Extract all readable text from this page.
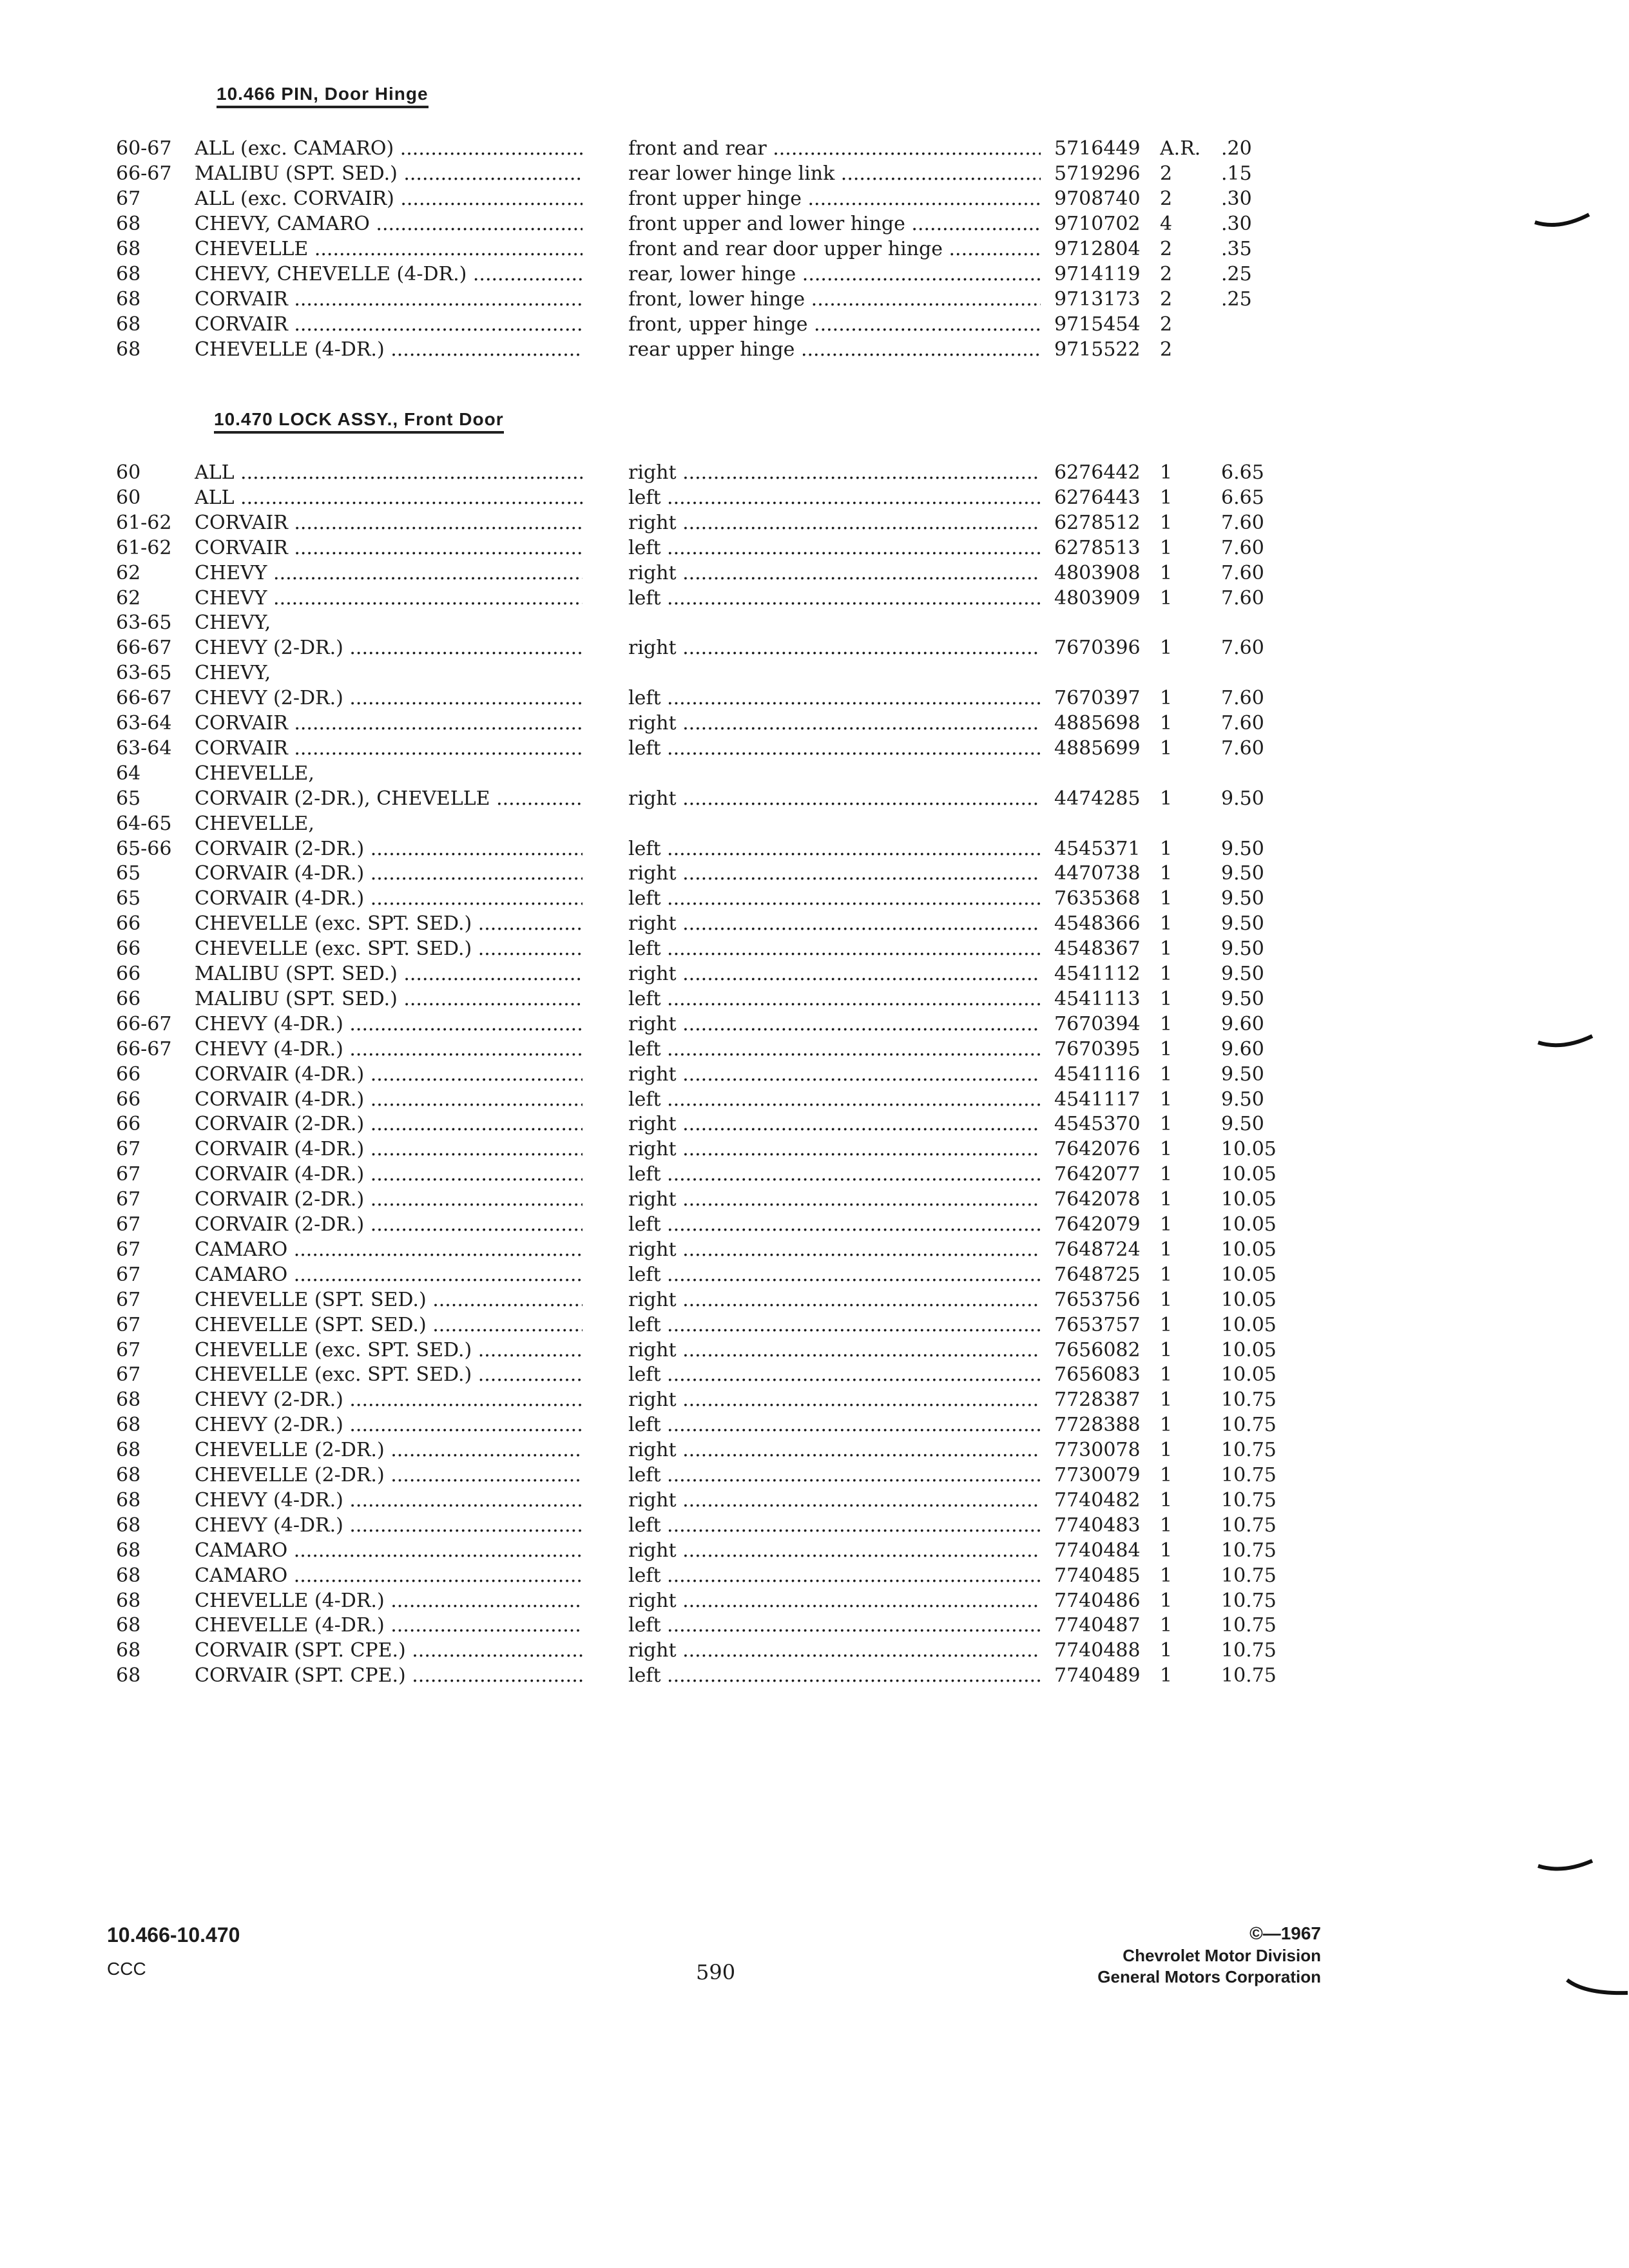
10.466 PIN, Door Hinge
60-67	ALL (exc. CAMARO) .....	front and rear .....	5716449	A.R. .20
66-67	MALIBU (SPT. SED.) .....	rear lower hinge link .....	5719296	2	.15
67	ALL (exc. CORVAIR) .....	front upper hinge .....	9708740	2	.30
68	CHEVY, CAMARO .....	front upper and lower hinge .....	9710702	4	.30
68	CHEVELLE .....	front and rear door upper hinge .....	9712804	2	.35
68	CHEVY, CHEVELLE (4-DR.) .....	rear, lower hinge .....	9714119	2	.25
68	CORVAIR .....	front, lower hinge .....	9713173	2	.25
68	CORVAIR .....	front, upper hinge .....	9715454	2
68	CHEVELLE (4-DR.) .....	rear upper hinge .....	9715522	2
10.470 LOCK ASSY., Front Door
60	ALL .....	right .....	6276442	1	6.65
60	ALL .....	left .....	6276443	1	6.65
61-62	CORVAIR .....	right .....	6278512	1	7.60
61-62	CORVAIR .....	left .....	6278513	1	7.60
62	CHEVY .....	right .....	4803908	1	7.60
62	CHEVY .....	left .....	4803909	1	7.60
63-65	CHEVY,
66-67	CHEVY (2-DR.) .....	right .....	7670396	1	7.60
63-65	CHEVY,
66-67	CHEVY (2-DR.) .....	left .....	7670397	1	7.60
63-64	CORVAIR .....	right .....	4885698	1	7.60
63-64	CORVAIR .....	left .....	4885699	1	7.60
64	CHEVELLE,
65	CORVAIR (2-DR.), CHEVELLE .....	right .....	4474285	1	9.50
64-65	CHEVELLE,
65-66	CORVAIR (2-DR.) .....	left .....	4545371	1	9.50
65	CORVAIR (4-DR.) .....	right .....	4470738	1	9.50
65	CORVAIR (4-DR.) .....	left .....	7635368	1	9.50
66	CHEVELLE (exc. SPT. SED.) .....	right .....	4548366	1	9.50
66	CHEVELLE (exc. SPT. SED.) .....	left .....	4548367	1	9.50
66	MALIBU (SPT. SED.) .....	right .....	4541112	1	9.50
66	MALIBU (SPT. SED.) .....	left .....	4541113	1	9.50
66-67	CHEVY (4-DR.) .....	right .....	7670394	1	9.60
66-67	CHEVY (4-DR.) .....	left .....	7670395	1	9.60
66	CORVAIR (4-DR.) .....	right .....	4541116	1	9.50
66	CORVAIR (4-DR.) .....	left .....	4541117	1	9.50
66	CORVAIR (2-DR.) .....	right .....	4545370	1	9.50
67	CORVAIR (4-DR.) .....	right .....	7642076	1	10.05
67	CORVAIR (4-DR.) .....	left .....	7642077	1	10.05
67	CORVAIR (2-DR.) .....	right .....	7642078	1	10.05
67	CORVAIR (2-DR.) .....	left .....	7642079	1	10.05
67	CAMARO .....	right .....	7648724	1	10.05
67	CAMARO .....	left .....	7648725	1	10.05
67	CHEVELLE (SPT. SED.) .....	right .....	7653756	1	10.05
67	CHEVELLE (SPT. SED.) .....	left .....	7653757	1	10.05
67	CHEVELLE (exc. SPT. SED.) .....	right .....	7656082	1	10.05
67	CHEVELLE (exc. SPT. SED.) .....	left .....	7656083	1	10.05
68	CHEVY (2-DR.) .....	right .....	7728387	1	10.75
68	CHEVY (2-DR.) .....	left .....	7728388	1	10.75
68	CHEVELLE (2-DR.) .....	right .....	7730078	1	10.75
68	CHEVELLE (2-DR.) .....	left .....	7730079	1	10.75
68	CHEVY (4-DR.) .....	right .....	7740482	1	10.75
68	CHEVY (4-DR.) .....	left .....	7740483	1	10.75
68	CAMARO .....	right .....	7740484	1	10.75
68	CAMARO .....	left .....	7740485	1	10.75
68	CHEVELLE (4-DR.) .....	right .....	7740486	1	10.75
68	CHEVELLE (4-DR.) .....	left .....	7740487	1	10.75
68	CORVAIR (SPT. CPE.) .....	right .....	7740488	1	10.75
68	CORVAIR (SPT. CPE.) .....	left .....	7740489	1	10.75
10.466-10.470
CCC	590
©—1967
Chevrolet Motor Division
General Motors Corporation
